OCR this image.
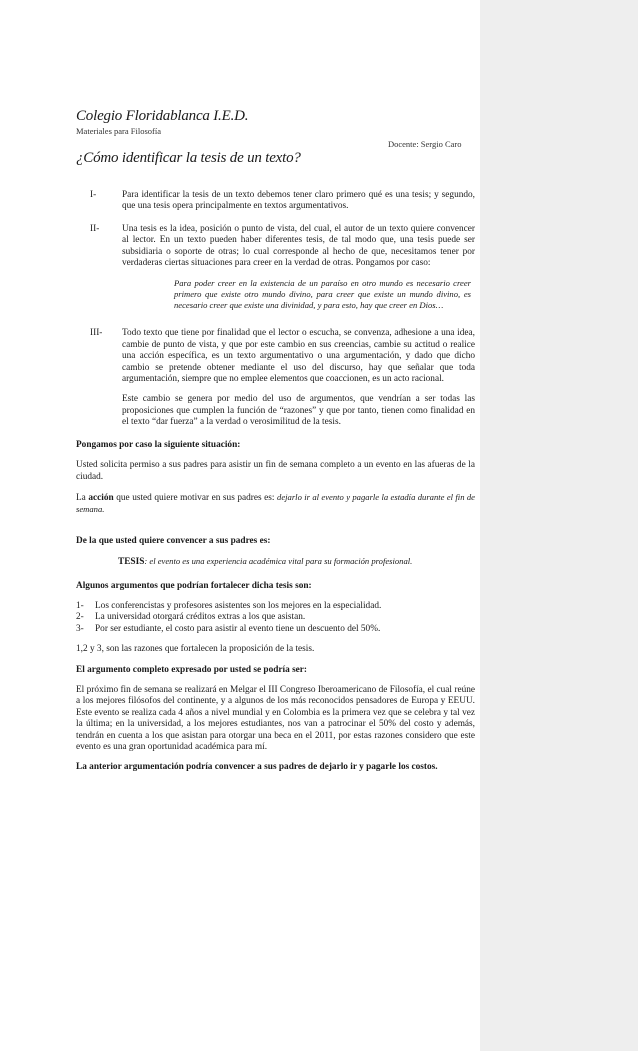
Colegio Floridablanca I.E.D.
Materiales para Filosofía
Docente: Sergio Caro
¿Cómo identificar la tesis de un texto?
I-	Para identificar la tesis de un texto debemos tener claro primero qué es una tesis; y segundo, que una tesis opera principalmente en textos argumentativos.

II-	Una tesis es la idea, posición o punto de vista, del cual, el autor de un texto quiere convencer al lector. En un texto pueden haber diferentes tesis, de tal modo que, una tesis puede ser subsidiaria o soporte de otras; lo cual corresponde al hecho de que, necesitamos tener por verdaderas ciertas situaciones para creer en la verdad de otras. Pongamos por caso:

Para poder creer en la existencia de un paraíso en otro mundo es necesario creer primero que existe otro mundo divino, para creer que existe un mundo divino, es necesario creer que existe una divinidad, y para esto, hay que creer en Dios…
III-	Todo texto que tiene por finalidad que el lector o escucha, se convenza, adhesione a una idea, cambie de punto de vista, y que por este cambio en sus creencias, cambie su actitud o realice una acción específica, es un texto argumentativo o una argumentación, y dado que dicho cambio se pretende obtener mediante el uso del discurso, hay que señalar que toda argumentación, siempre que no emplee elementos que coaccionen, es un acto racional.

Este cambio se genera por medio del uso de argumentos, que vendrían a ser todas las proposiciones que cumplen la función de “razones” y que por tanto, tienen como finalidad en el texto “dar fuerza” a la verdad o verosimilitud de la tesis.

Pongamos por caso la siguiente situación:

Usted solicita permiso a sus padres para asistir un fin de semana completo a un evento en las afueras de la ciudad.

La acción que usted quiere motivar en sus padres es: dejarlo ir al evento y pagarle la estadía durante el fin de semana.

De la que usted quiere convencer a sus padres es:

TESIS: el evento es una experiencia académica vital para su formación profesional.

Algunos argumentos que podrían fortalecer dicha tesis son:

1-	Los conferencistas y profesores asistentes son los mejores en la especialidad.
2-	La universidad otorgará créditos extras a los que asistan.
3-	Por ser estudiante, el costo para asistir al evento tiene un descuento del 50%.

1,2 y 3, son las razones que fortalecen la proposición de la tesis.

El argumento completo expresado por usted se podría ser:

El próximo fin de semana se realizará en Melgar el III Congreso Iberoamericano de Filosofía, el cual reúne a los mejores filósofos del continente, y a algunos de los más reconocidos pensadores de Europa y EEUU. Este evento se realiza cada 4 años a nivel mundial y en Colombia es la primera vez que se celebra y tal vez la última; en la universidad, a los mejores estudiantes, nos van a patrocinar el 50% del costo y además, tendrán en cuenta a los que asistan para otorgar una beca en el 2011, por estas razones considero que este evento es una gran oportunidad académica para mí.

La anterior argumentación podría convencer a sus padres de dejarlo ir y pagarle los costos.
